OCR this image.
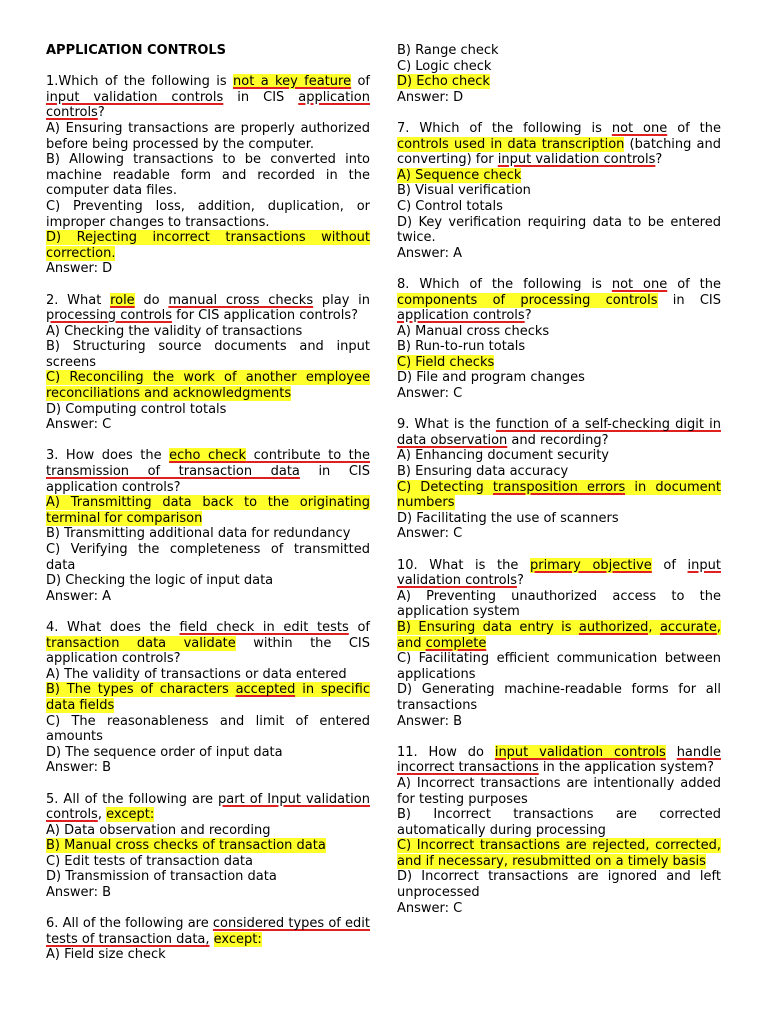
APPLICATION CONTROLS

1.Which of the following is not a key feature of input validation controls in CIS application controls?

A) Ensuring transactions are properly authorized before being processed by the computer.

B) Allowing transactions to be converted into machine readable form and recorded in the computer data files.

C) Preventing loss, addition, duplication, or improper changes to transactions.

D) Rejecting incorrect transactions without correction.

Answer: D

2. What role do manual cross checks play in processing controls for CIS application controls?

A) Checking the validity of transactions

B) Structuring source documents and input screens

C) Reconciling the work of another employee reconciliations and acknowledgments

D) Computing control totals

Answer: C

3. How does the echo check contribute to the transmission of transaction data in CIS application controls?

A) Transmitting data back to the originating terminal for comparison

B) Transmitting additional data for redundancy

C) Verifying the completeness of transmitted data

D) Checking the logic of input data

Answer: A

4. What does the field check in edit tests of transaction data validate within the CIS application controls?

A) The validity of transactions or data entered

B) The types of characters accepted in specific data fields

C) The reasonableness and limit of entered amounts

D) The sequence order of input data

Answer: B

5. All of the following are part of Input validation controls, except:

A) Data observation and recording

B) Manual cross checks of transaction data

C) Edit tests of transaction data

D) Transmission of transaction data

Answer: B

6. All of the following are considered types of edit tests of transaction data, except:

A) Field size check

B) Range check

C) Logic check

D) Echo check

Answer: D

7. Which of the following is not one of the controls used in data transcription (batching and converting) for input validation controls?

A) Sequence check

B) Visual verification

C) Control totals

D) Key verification requiring data to be entered twice.

Answer: A

8. Which of the following is not one of the components of processing controls in CIS application controls?

A) Manual cross checks

B) Run-to-run totals

C) Field checks

D) File and program changes

Answer: C

9. What is the function of a self-checking digit in data observation and recording?

A) Enhancing document security

B) Ensuring data accuracy

C) Detecting transposition errors in document numbers

D) Facilitating the use of scanners

Answer: C

10. What is the primary objective of input validation controls?

A) Preventing unauthorized access to the application system

B) Ensuring data entry is authorized, accurate, and complete

C) Facilitating efficient communication between applications

D) Generating machine-readable forms for all transactions

Answer: B

11. How do input validation controls handle incorrect transactions in the application system?

A) Incorrect transactions are intentionally added for testing purposes

B) Incorrect transactions are corrected automatically during processing

C) Incorrect transactions are rejected, corrected, and if necessary, resubmitted on a timely basis

D) Incorrect transactions are ignored and left unprocessed

Answer: C
